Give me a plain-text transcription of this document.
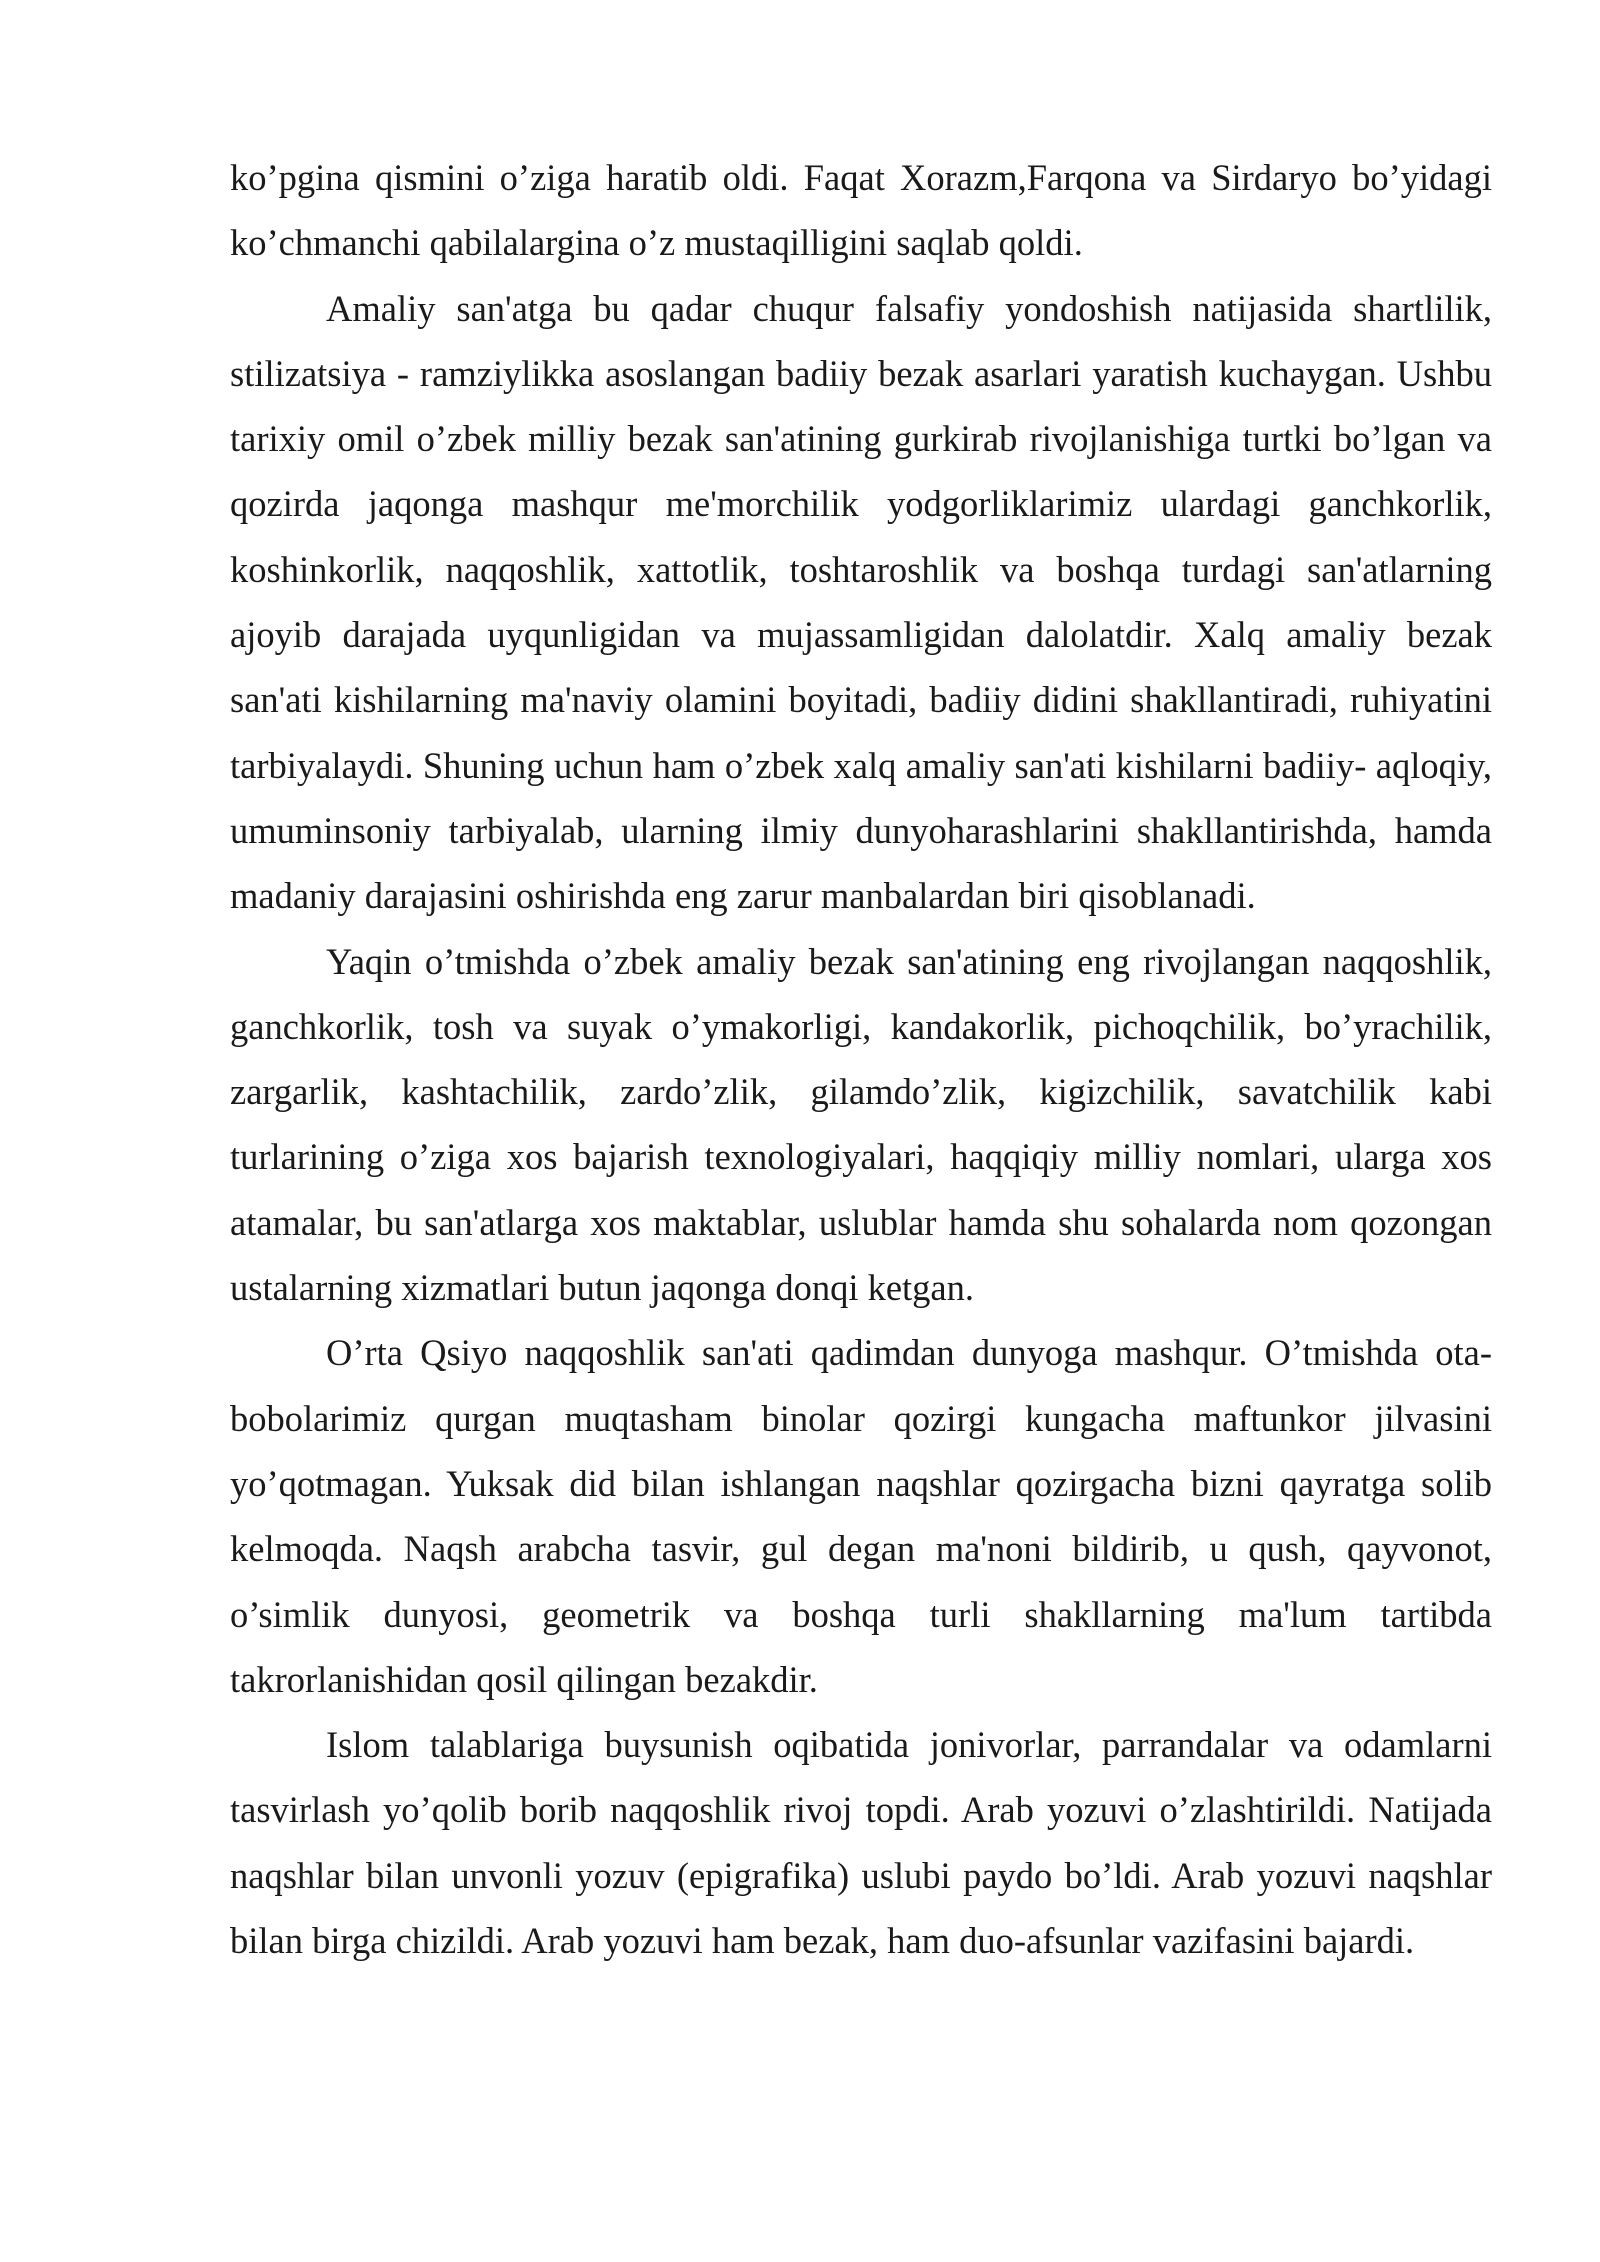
ko’pgina qismini o’ziga haratib oldi. Faqat Xorazm,Farqona va Sirdaryo bo’yidagi ko’chmanchi qabilalargina o’z mustaqilligini saqlab qoldi.

Amaliy san'atga bu qadar chuqur falsafiy yondoshish natijasida shartlilik, stilizatsiya - ramziylikka asoslangan badiiy bezak asarlari yaratish kuchaygan. Ushbu tarixiy omil o’zbek milliy bezak san'atining gurkirab rivojlanishiga turtki bo’lgan va qozirda jaqonga mashqur me'morchilik yodgorliklarimiz ulardagi ganchkorlik, koshinkorlik, naqqoshlik, xattotlik, toshtaroshlik va boshqa turdagi san'atlarning ajoyib darajada uyqunligidan va mujassamligidan dalolatdir. Xalq amaliy bezak san'ati kishilarning ma'naviy olamini boyitadi, badiiy didini shakllantiradi, ruhiyatini tarbiyalaydi. Shuning uchun ham o’zbek xalq amaliy san'ati kishilarni badiiy- aqloqiy, umuminsoniy tarbiyalab, ularning ilmiy dunyoharashlarini shakllantirishda, hamda madaniy darajasini oshirishda eng zarur manbalardan biri qisoblanadi.

Yaqin o’tmishda o’zbek amaliy bezak san'atining eng rivojlangan naqqoshlik, ganchkorlik, tosh va suyak o’ymakorligi, kandakorlik, pichoqchilik, bo’yrachilik, zargarlik, kashtachilik, zardo’zlik, gilamdo’zlik, kigizchilik, savatchilik kabi turlarining o’ziga xos bajarish texnologiyalari, haqqiqiy milliy nomlari, ularga xos atamalar, bu san'atlarga xos maktablar, uslublar hamda shu sohalarda nom qozongan ustalarning xizmatlari butun jaqonga donqi ketgan.

O’rta Qsiyo naqqoshlik san'ati qadimdan dunyoga mashqur. O’tmishda ota-bobolarimiz qurgan muqtasham binolar qozirgi kungacha maftunkor jilvasini yo’qotmagan. Yuksak did bilan ishlangan naqshlar qozirgacha bizni qayratga solib kelmoqda. Naqsh arabcha tasvir, gul degan ma'noni bildirib, u qush, qayvonot, o’simlik dunyosi, geometrik va boshqa turli shakllarning ma'lum tartibda takrorlanishidan qosil qilingan bezakdir.

Islom talablariga buysunish oqibatida jonivorlar, parrandalar va odamlarni tasvirlash yo’qolib borib naqqoshlik rivoj topdi. Arab yozuvi o’zlashtirildi. Natijada naqshlar bilan unvonli yozuv (epigrafika) uslubi paydo bo’ldi. Arab yozuvi naqshlar bilan birga chizildi. Arab yozuvi ham bezak, ham duo-afsunlar vazifasini bajardi.
